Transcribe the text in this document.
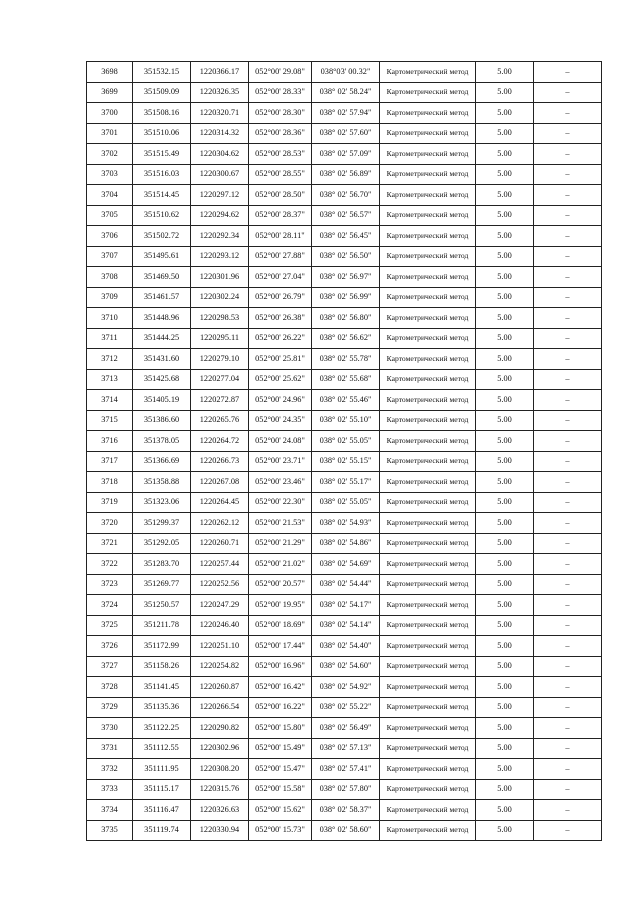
3698	351532.15	1220366.17	052°00' 29.08"	038°03' 00.32"	Картометрический метод	5.00	–
3699	351509.09	1220326.35	052°00' 28.33"	038° 02' 58.24"	Картометрический метод	5.00	–
3700	351508.16	1220320.71	052°00' 28.30"	038° 02' 57.94"	Картометрический метод	5.00	–
3701	351510.06	1220314.32	052°00' 28.36"	038° 02' 57.60"	Картометрический метод	5.00	–
3702	351515.49	1220304.62	052°00' 28.53"	038° 02' 57.09"	Картометрический метод	5.00	–
3703	351516.03	1220300.67	052°00' 28.55"	038° 02' 56.89"	Картометрический метод	5.00	–
3704	351514.45	1220297.12	052°00' 28.50"	038° 02' 56.70"	Картометрический метод	5.00	–
3705	351510.62	1220294.62	052°00' 28.37"	038° 02' 56.57"	Картометрический метод	5.00	–
3706	351502.72	1220292.34	052°00' 28.11"	038° 02' 56.45"	Картометрический метод	5.00	–
3707	351495.61	1220293.12	052°00' 27.88"	038° 02' 56.50"	Картометрический метод	5.00	–
3708	351469.50	1220301.96	052°00' 27.04"	038° 02' 56.97"	Картометрический метод	5.00	–
3709	351461.57	1220302.24	052°00' 26.79"	038° 02' 56.99"	Картометрический метод	5.00	–
3710	351448.96	1220298.53	052°00' 26.38"	038° 02' 56.80"	Картометрический метод	5.00	–
3711	351444.25	1220295.11	052°00' 26.22"	038° 02' 56.62"	Картометрический метод	5.00	–
3712	351431.60	1220279.10	052°00' 25.81"	038° 02' 55.78"	Картометрический метод	5.00	–
3713	351425.68	1220277.04	052°00' 25.62"	038° 02' 55.68"	Картометрический метод	5.00	–
3714	351405.19	1220272.87	052°00' 24.96"	038° 02' 55.46"	Картометрический метод	5.00	–
3715	351386.60	1220265.76	052°00' 24.35"	038° 02' 55.10"	Картометрический метод	5.00	–
3716	351378.05	1220264.72	052°00' 24.08"	038° 02' 55.05"	Картометрический метод	5.00	–
3717	351366.69	1220266.73	052°00' 23.71"	038° 02' 55.15"	Картометрический метод	5.00	–
3718	351358.88	1220267.08	052°00' 23.46"	038° 02' 55.17"	Картометрический метод	5.00	–
3719	351323.06	1220264.45	052°00' 22.30"	038° 02' 55.05"	Картометрический метод	5.00	–
3720	351299.37	1220262.12	052°00' 21.53"	038° 02' 54.93"	Картометрический метод	5.00	–
3721	351292.05	1220260.71	052°00' 21.29"	038° 02' 54.86"	Картометрический метод	5.00	–
3722	351283.70	1220257.44	052°00' 21.02"	038° 02' 54.69"	Картометрический метод	5.00	–
3723	351269.77	1220252.56	052°00' 20.57"	038° 02' 54.44"	Картометрический метод	5.00	–
3724	351250.57	1220247.29	052°00' 19.95"	038° 02' 54.17"	Картометрический метод	5.00	–
3725	351211.78	1220246.40	052°00' 18.69"	038° 02' 54.14"	Картометрический метод	5.00	–
3726	351172.99	1220251.10	052°00' 17.44"	038° 02' 54.40"	Картометрический метод	5.00	–
3727	351158.26	1220254.82	052°00' 16.96"	038° 02' 54.60"	Картометрический метод	5.00	–
3728	351141.45	1220260.87	052°00' 16.42"	038° 02' 54.92"	Картометрический метод	5.00	–
3729	351135.36	1220266.54	052°00' 16.22"	038° 02' 55.22"	Картометрический метод	5.00	–
3730	351122.25	1220290.82	052°00' 15.80"	038° 02' 56.49"	Картометрический метод	5.00	–
3731	351112.55	1220302.96	052°00' 15.49"	038° 02' 57.13"	Картометрический метод	5.00	–
3732	351111.95	1220308.20	052°00' 15.47"	038° 02' 57.41"	Картометрический метод	5.00	–
3733	351115.17	1220315.76	052°00' 15.58"	038° 02' 57.80"	Картометрический метод	5.00	–
3734	351116.47	1220326.63	052°00' 15.62"	038° 02' 58.37"	Картометрический метод	5.00	–
3735	351119.74	1220330.94	052°00' 15.73"	038° 02' 58.60"	Картометрический метод	5.00	–
